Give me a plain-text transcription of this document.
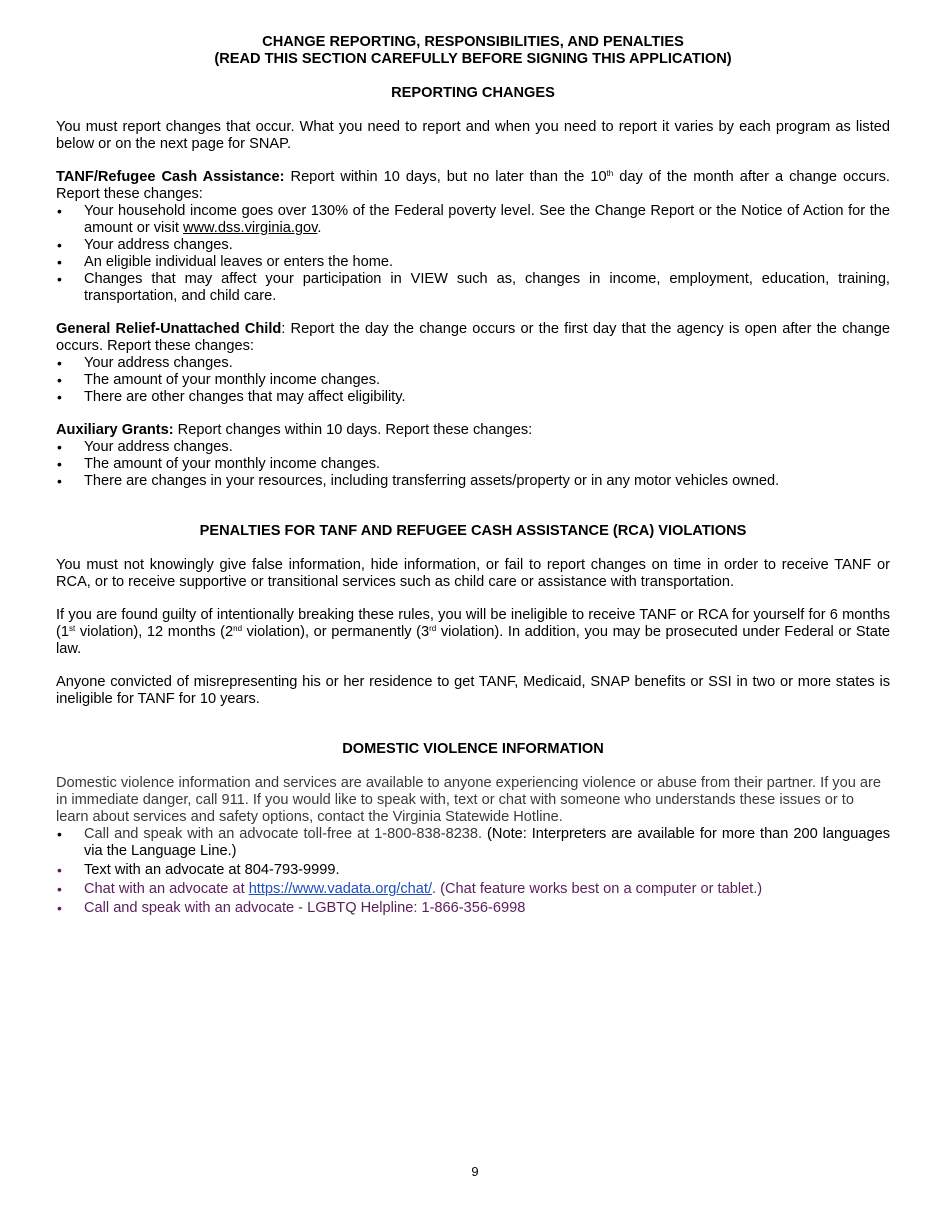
CHANGE REPORTING, RESPONSIBILITIES, AND PENALTIES

(READ THIS SECTION CAREFULLY BEFORE SIGNING THIS APPLICATION)

REPORTING CHANGES

You must report changes that occur. What you need to report and when you need to report it varies by each program as listed below or on the next page for SNAP.

TANF/Refugee Cash Assistance: Report within 10 days, but no later than the 10th day of the month after a change occurs. Report these changes:

• Your household income goes over 130% of the Federal poverty level. See the Change Report or the Notice of Action for the amount or visit www.dss.virginia.gov.
• Your address changes.
• An eligible individual leaves or enters the home.
• Changes that may affect your participation in VIEW such as, changes in income, employment, education, training, transportation, and child care.

General Relief-Unattached Child: Report the day the change occurs or the first day that the agency is open after the change occurs. Report these changes:

• Your address changes.
• The amount of your monthly income changes.
• There are other changes that may affect eligibility.

Auxiliary Grants: Report changes within 10 days. Report these changes:

• Your address changes.
• The amount of your monthly income changes.
• There are changes in your resources, including transferring assets/property or in any motor vehicles owned.

PENALTIES FOR TANF AND REFUGEE CASH ASSISTANCE (RCA) VIOLATIONS

You must not knowingly give false information, hide information, or fail to report changes on time in order to receive TANF or RCA, or to receive supportive or transitional services such as child care or assistance with transportation.

If you are found guilty of intentionally breaking these rules, you will be ineligible to receive TANF or RCA for yourself for 6 months (1st violation), 12 months (2nd violation), or permanently (3rd violation). In addition, you may be prosecuted under Federal or State law.

Anyone convicted of misrepresenting his or her residence to get TANF, Medicaid, SNAP benefits or SSI in two or more states is ineligible for TANF for 10 years.

DOMESTIC VIOLENCE INFORMATION

Domestic violence information and services are available to anyone experiencing violence or abuse from their partner. If you are in immediate danger, call 911. If you would like to speak with, text or chat with someone who understands these issues or to learn about services and safety options, contact the Virginia Statewide Hotline.

• Call and speak with an advocate toll-free at 1-800-838-8238. (Note: Interpreters are available for more than 200 languages via the Language Line.)
• Text with an advocate at 804-793-9999.
• Chat with an advocate at https://www.vadata.org/chat/. (Chat feature works best on a computer or tablet.)
• Call and speak with an advocate - LGBTQ Helpline: 1-866-356-6998
9
